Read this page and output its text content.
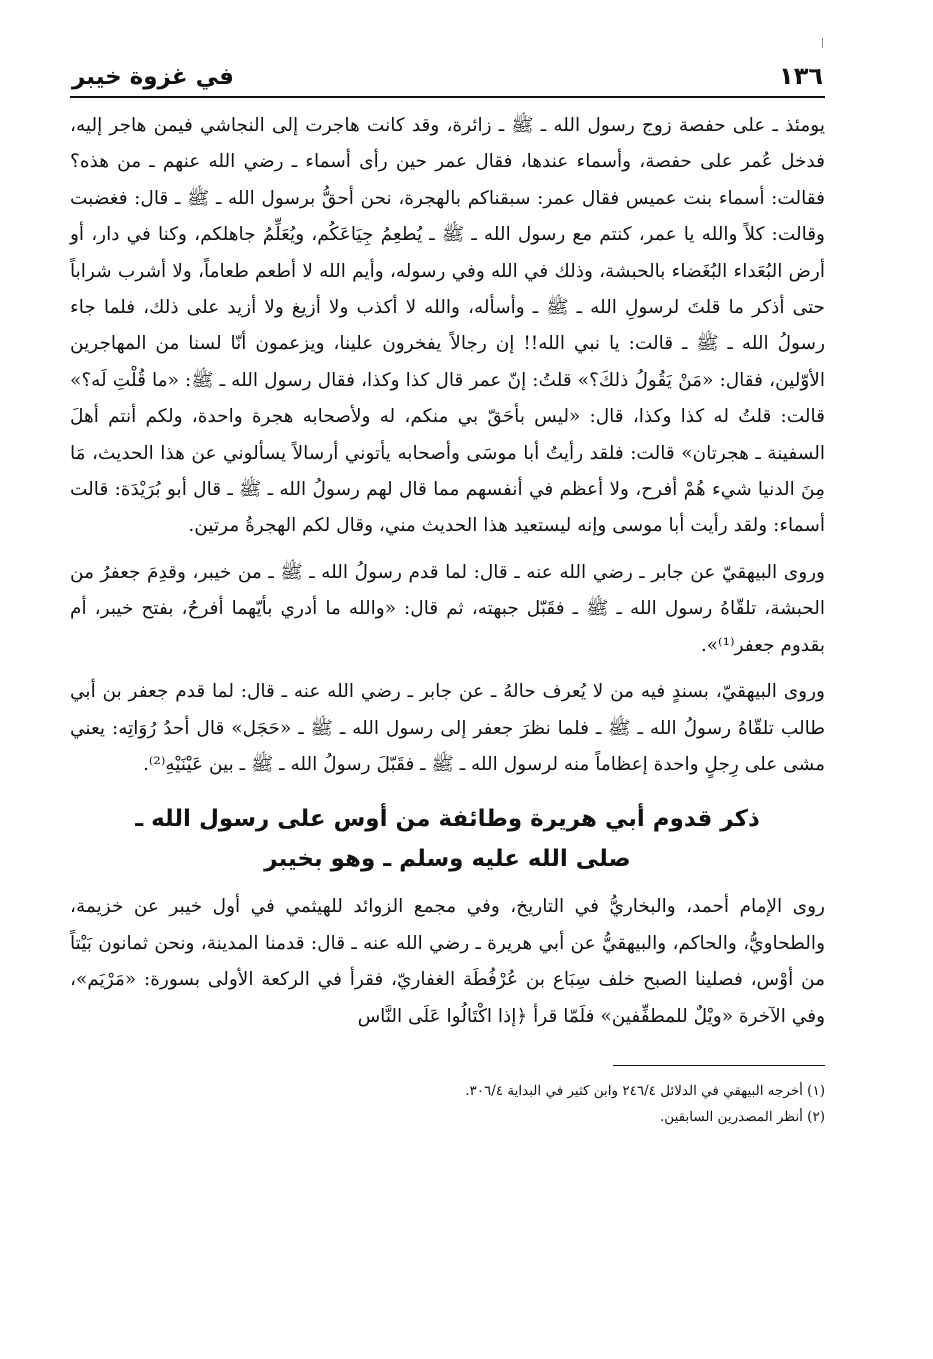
١٣٦
في غزوة خيبر

يومئذ ـ على حفصة زوج رسول الله ـ ﷺ ـ زائرة، وقد كانت هاجرت إلى النجاشي فيمن هاجر إليه، فدخل عُمر على حفصة، وأسماء عندها، فقال عمر حين رأى أسماء ـ رضي الله عنهم ـ من هذه؟ فقالت: أسماء بنت عميس فقال عمر: سبقناكم بالهجرة، نحن أحقُّ برسول الله ـ ﷺ ـ قال: فغضبت وقالت: كلاً والله يا عمر، كنتم مع رسول الله ـ ﷺ ـ يُطعِمُ جِيَاعَكُم، ويُعَلِّمُ جاهلكم، وكنا في دار، أو أرض البُعَداء البُغَضاء بالحبشة، وذلك في الله وفي رسوله، وأيم الله لا أطعم طعاماً، ولا أشرب شراباً حتى أذكر ما قلتَ لرسولِ الله ـ ﷺ ـ وأسأله، والله لا أكذب ولا أزيغ ولا أزيد على ذلك، فلما جاء رسولُ الله ـ ﷺ ـ قالت: يا نبي الله!! إن رجالاً يفخرون علينا، ويزعمون أنّا لسنا من المهاجرين الأوّلين، فقال: «مَنْ يَقُولُ ذلكَ؟» قلتُ: إنّ عمر قال كذا وكذا، فقال رسول الله ـ ﷺ: «ما قُلْتِ لَه؟» قالت: قلتُ له كذا وكذا، قال: «ليس بأحَقّ بي منكم، له ولأصحابه هجرة واحدة، ولكم أنتم أهلَ السفينة ـ هجرتان» قالت: فلقد رأيتُ أبا موسَى وأصحابه يأتوني أرسالاً يسألوني عن هذا الحديث، مَا مِنَ الدنيا شيء هُمْ أفرح، ولا أعظم في أنفسهم مما قال لهم رسولُ الله ـ ﷺ ـ قال أبو بُرَيْدَة: قالت أسماء: ولقد رأيت أبا موسى وإنه ليستعيد هذا الحديث مني، وقال لكم الهجرةُ مرتين.

وروى البيهقيّ عن جابر ـ رضي الله عنه ـ قال: لما قدم رسولُ الله ـ ﷺ ـ من خيبر، وقدِمَ جعفرُ من الحبشة، تلقّاهُ رسول الله ـ ﷺ ـ فقَبّل جبهته، ثم قال: «والله ما أدري بأيّهما أفرحُ، بفتح خيبر، أم بقدوم جعفر⁽¹⁾».

وروى البيهقيّ، بسندٍ فيه من لا يُعرف حالهُ ـ عن جابر ـ رضي الله عنه ـ قال: لما قدم جعفر بن أبي طالب تلقّاهُ رسولُ الله ـ ﷺ ـ فلما نظرَ جعفر إلى رسول الله ـ ﷺ ـ «حَجَل» قال أحدُ رُوَاتِه: يعني مشى على رِجلٍ واحدة إعظاماً منه لرسول الله ـ ﷺ ـ فقَبّلَ رسولُ الله ـ ﷺ ـ بين عَيْنَيْهِ⁽²⁾.

ذكر قدوم أبي هريرة وطائفة من أوس على رسول الله ـ
صلى الله عليه وسلم ـ وهو بخيبر

روى الإمام أحمد، والبخاريُّ في التاريخ، وفي مجمع الزوائد للهيثمي في أول خيبر عن خزيمة، والطحاويُّ، والحاكم، والبيهقيُّ عن أبي هريرة ـ رضي الله عنه ـ قال: قدمنا المدينة، ونحن ثمانون بَيْتاً من أوْس، فصلينا الصبح خلف سِبَاع بن عُرْفُطَة الغفاريّ، فقرأ في الركعة الأولى بسورة: «مَرْيَم»، وفي الآخرة «ويْلٌ للمطفِّفين» فلَمّا قرأ ﴿إذا اكْتَالُوا عَلَى النَّاس

(١) أخرجه البيهقي في الدلائل ٢٤٦/٤ وابن كثير في البداية ٣٠٦/٤.

(٢) أنظر المصدرين السابقين.
